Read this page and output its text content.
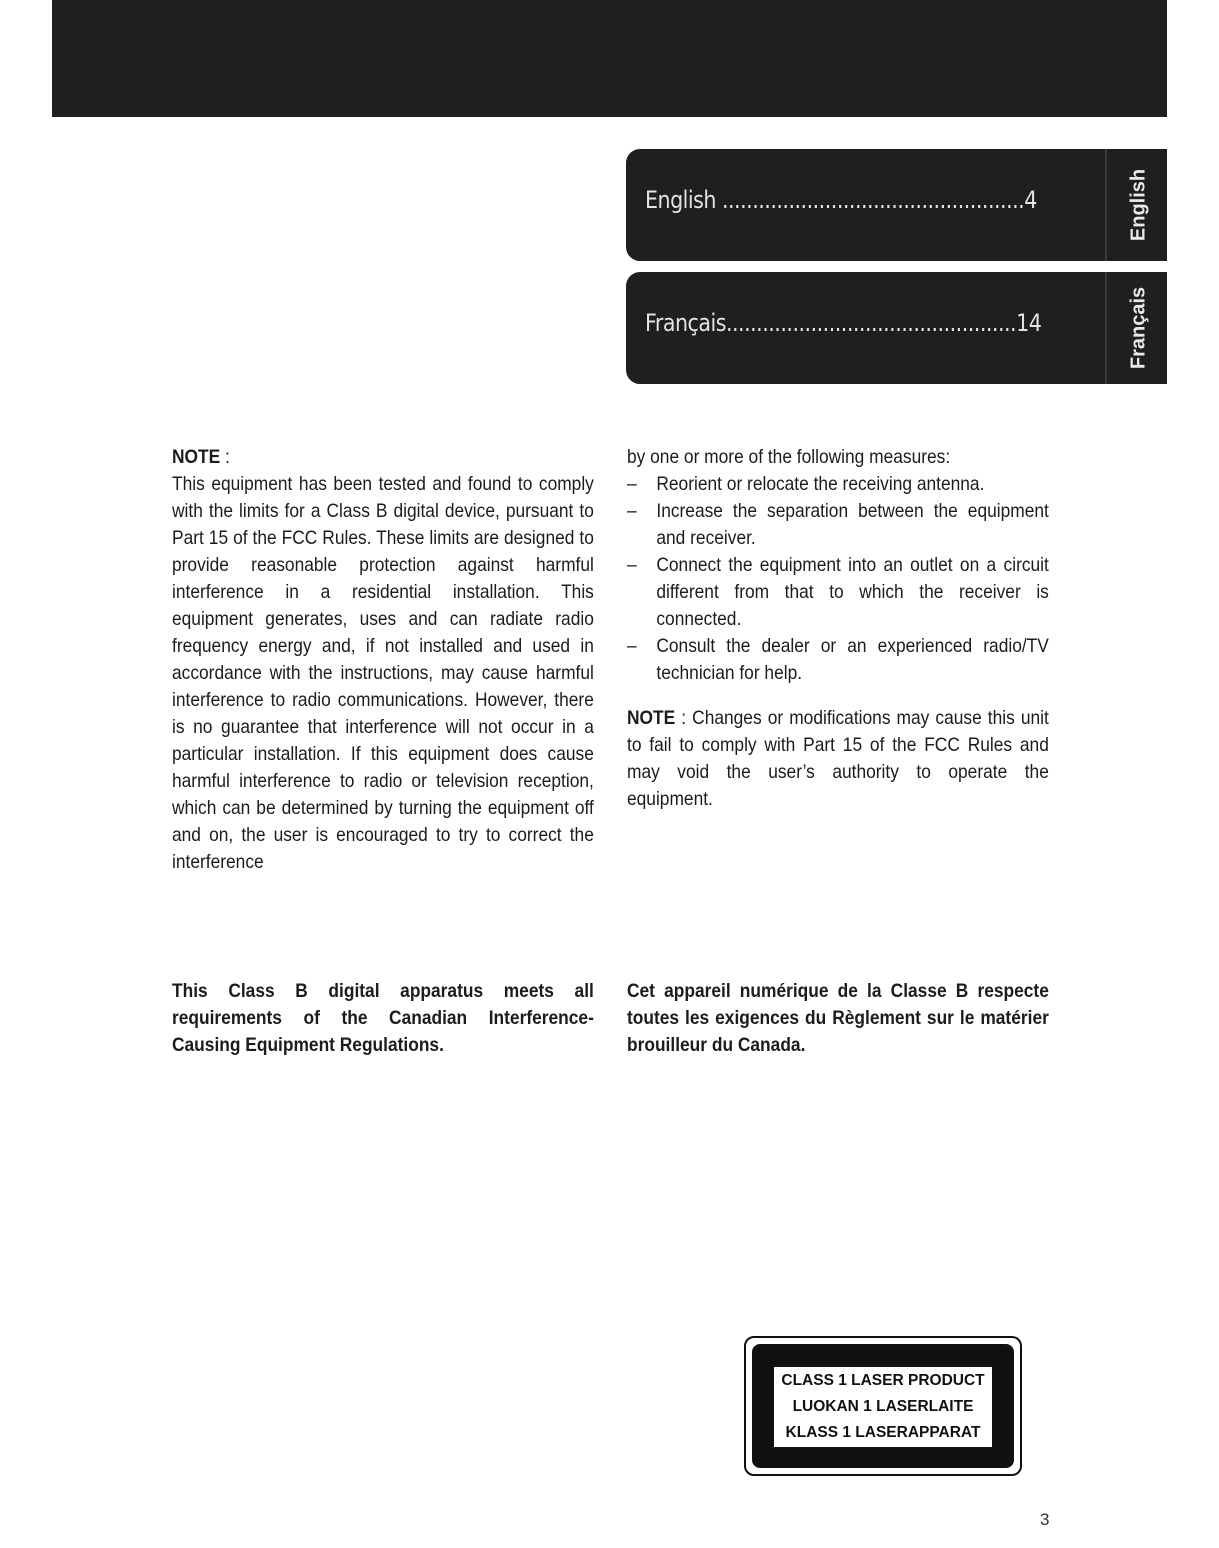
English ..................................................4	English
Français................................................14	Français
NOTE :
This equipment has been tested and found to comply with the limits for a Class B digital device, pursuant to Part 15 of the FCC Rules. These limits are designed to provide reasonable protection against harmful interference in a residential installation. This equipment generates, uses and can radiate radio frequency energy and, if not installed and used in accordance with the instructions, may cause harmful interference to radio communications. However, there is no guarantee that interference will not occur in a particular installation. If this equipment does cause harmful interference to radio or television reception, which can be determined by turning the equipment off and on, the user is encouraged to try to correct the interference
by one or more of the following measures:
– Reorient or relocate the receiving antenna.
– Increase the separation between the equipment and receiver.
– Connect the equipment into an outlet on a circuit different from that to which the receiver is connected.
– Consult the dealer or an experienced radio/TV technician for help.
NOTE : Changes or modifications may cause this unit to fail to comply with Part 15 of the FCC Rules and may void the user’s authority to operate the equipment.
This Class B digital apparatus meets all requirements of the Canadian Interference-Causing Equipment Regulations.
Cet appareil numérique de la Classe B respecte toutes les exigences du Règlement sur le matérier brouilleur du Canada.
CLASS 1 LASER PRODUCT
LUOKAN 1 LASERLAITE
KLASS 1 LASERAPPARAT
3
